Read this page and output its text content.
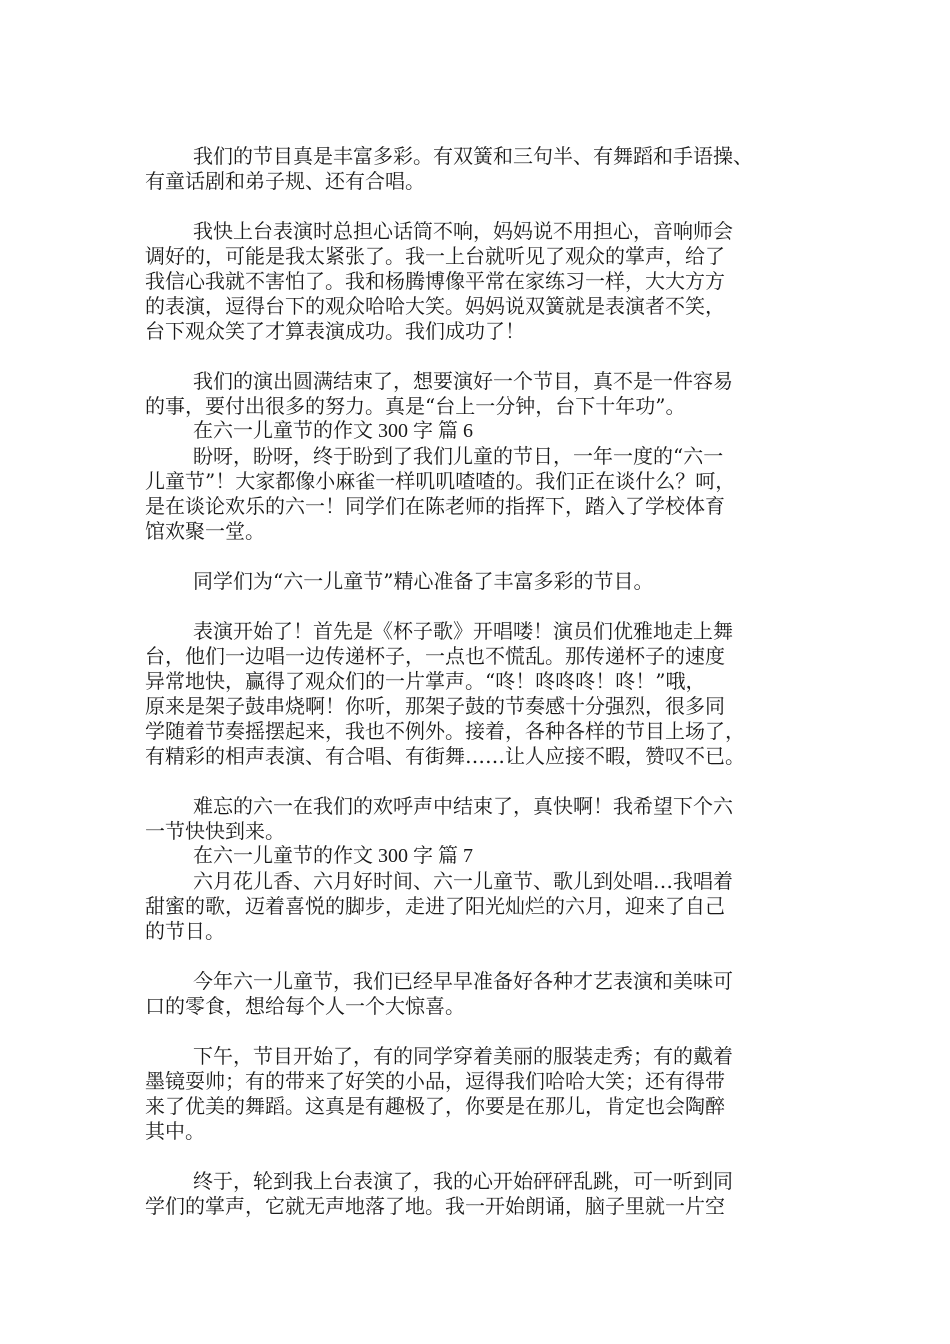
我们的节目真是丰富多彩。有双簧和三句半、有舞蹈和手语操、
有童话剧和弟子规、还有合唱。
我快上台表演时总担心话筒不响，妈妈说不用担心，音响师会
调好的，可能是我太紧张了。我一上台就听见了观众的掌声，给了
我信心我就不害怕了。我和杨腾博像平常在家练习一样，大大方方
的表演，逗得台下的观众哈哈大笑。妈妈说双簧就是表演者不笑，
台下观众笑了才算表演成功。我们成功了！
我们的演出圆满结束了，想要演好一个节目，真不是一件容易
的事，要付出很多的努力。真是“台上一分钟，台下十年功”。
在六一儿童节的作文 300 字 篇 6
盼呀，盼呀，终于盼到了我们儿童的节日，一年一度的“六一
儿童节”！大家都像小麻雀一样叽叽喳喳的。我们正在谈什么？呵，
是在谈论欢乐的六一！同学们在陈老师的指挥下，踏入了学校体育
馆欢聚一堂。
同学们为“六一儿童节”精心准备了丰富多彩的节目。
表演开始了！首先是《杯子歌》开唱喽！演员们优雅地走上舞
台，他们一边唱一边传递杯子，一点也不慌乱。那传递杯子的速度
异常地快，赢得了观众们的一片掌声。“咚！咚咚咚！咚！”哦，
原来是架子鼓串烧啊！你听，那架子鼓的节奏感十分强烈，很多同
学随着节奏摇摆起来，我也不例外。接着，各种各样的节目上场了，
有精彩的相声表演、有合唱、有街舞……让人应接不暇，赞叹不已。
难忘的六一在我们的欢呼声中结束了，真快啊！我希望下个六
一节快快到来。
在六一儿童节的作文 300 字 篇 7
六月花儿香、六月好时间、六一儿童节、歌儿到处唱…我唱着
甜蜜的歌，迈着喜悦的脚步，走进了阳光灿烂的六月，迎来了自己
的节日。
今年六一儿童节，我们已经早早准备好各种才艺表演和美味可
口的零食，想给每个人一个大惊喜。
下午，节目开始了，有的同学穿着美丽的服装走秀；有的戴着
墨镜耍帅；有的带来了好笑的小品，逗得我们哈哈大笑；还有得带
来了优美的舞蹈。这真是有趣极了，你要是在那儿，肯定也会陶醉
其中。
终于，轮到我上台表演了，我的心开始砰砰乱跳，可一听到同
学们的掌声，它就无声地落了地。我一开始朗诵，脑子里就一片空
